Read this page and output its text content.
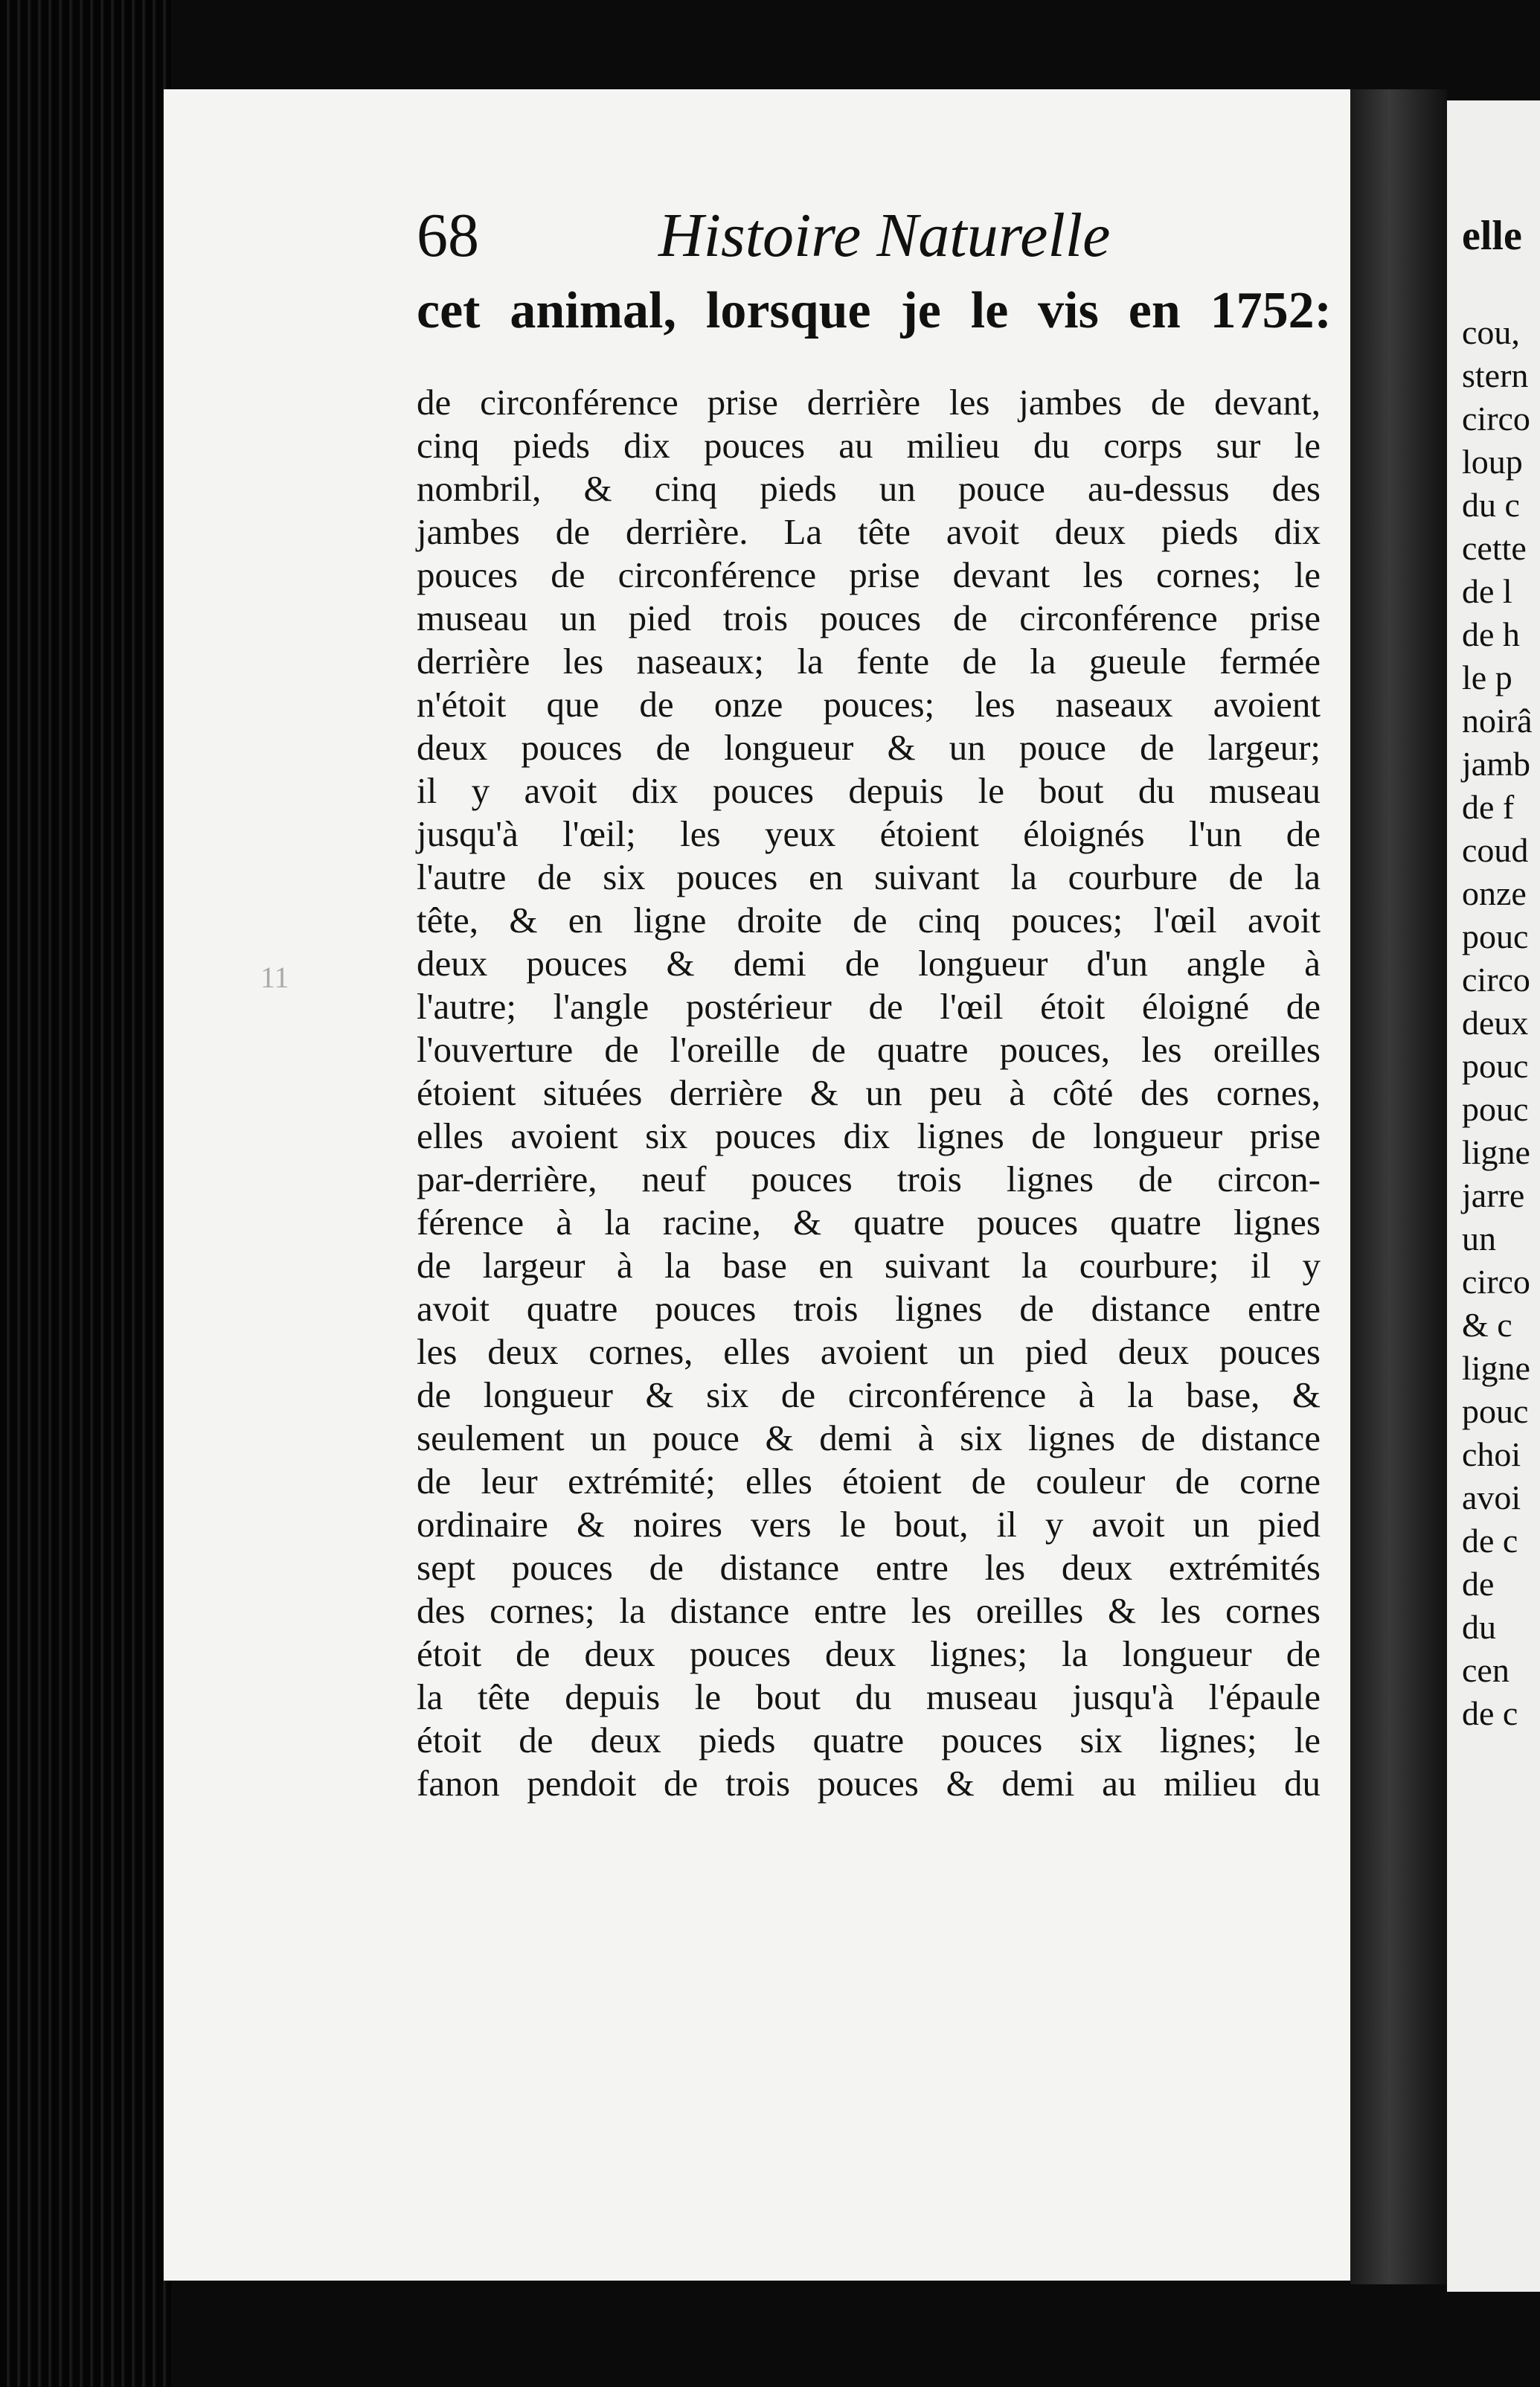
elle
cou,
stern
circo
loup
du c
cette
de l
de h
le p
noirâ
jamb
de f
coud
onze
pouc
circo
deux
pouc
pouc
ligne
jarre
un
circo
& c
ligne
pouc
choi
avoi
de c
de
du
cen
de c
68	Histoire Naturelle
cet animal, lorsque je le vis en 1752:
11
de circonférence prise derrière les jambes de devant,
cinq pieds dix pouces au milieu du corps sur le
nombril, & cinq pieds un pouce au-dessus des
jambes de derrière. La tête avoit deux pieds dix
pouces de circonférence prise devant les cornes; le
museau un pied trois pouces de circonférence prise
derrière les naseaux; la fente de la gueule fermée
n'étoit que de onze pouces; les naseaux avoient
deux pouces de longueur & un pouce de largeur;
il y avoit dix pouces depuis le bout du museau
jusqu'à l'œil; les yeux étoient éloignés l'un de
l'autre de six pouces en suivant la courbure de la
tête, & en ligne droite de cinq pouces; l'œil avoit
deux pouces & demi de longueur d'un angle à
l'autre; l'angle postérieur de l'œil étoit éloigné de
l'ouverture de l'oreille de quatre pouces, les oreilles
étoient situées derrière & un peu à côté des cornes,
elles avoient six pouces dix lignes de longueur prise
par-derrière, neuf pouces trois lignes de circon-
férence à la racine, & quatre pouces quatre lignes
de largeur à la base en suivant la courbure; il y
avoit quatre pouces trois lignes de distance entre
les deux cornes, elles avoient un pied deux pouces
de longueur & six de circonférence à la base, &
seulement un pouce & demi à six lignes de distance
de leur extrémité; elles étoient de couleur de corne
ordinaire & noires vers le bout, il y avoit un pied
sept pouces de distance entre les deux extrémités
des cornes; la distance entre les oreilles & les cornes
étoit de deux pouces deux lignes; la longueur de
la tête depuis le bout du museau jusqu'à l'épaule
étoit de deux pieds quatre pouces six lignes; le
fanon pendoit de trois pouces & demi au milieu du
